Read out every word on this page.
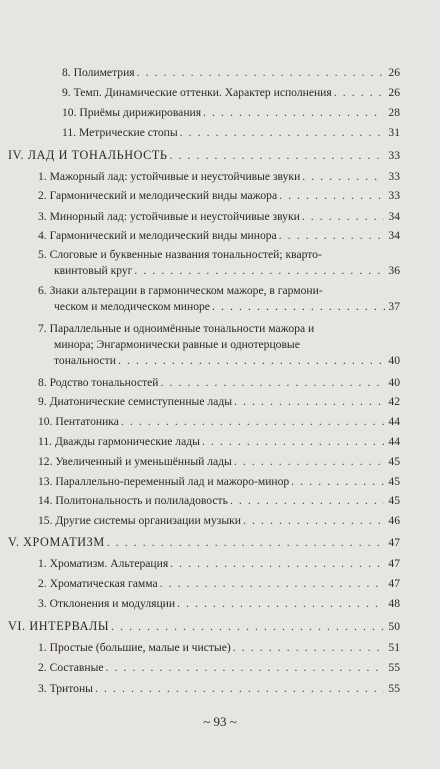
8. Полиметрия . . .	26
9. Темп. Динамические оттенки. Характер исполнения . . .	26
10. Приёмы дирижирования . . .	28
11. Метрические стопы . . .	31
IV. ЛАД И ТОНАЛЬНОСТЬ . . .	33
1. Мажорный лад: устойчивые и неустойчивые звуки . . .	33
2. Гармонический и мелодический виды мажора . . .	33
3. Минорный лад: устойчивые и неустойчивые звуки . . .	34
4. Гармонический и мелодический виды минора . . .	34
5. Слоговые и буквенные названия тональностей; кварто-
квинтовый круг . . .	36
6. Знаки альтерации в гармоническом мажоре, в гармони-
ческом и мелодическом миноре . . .	37
7. Параллельные и одноимённые тональности мажора и
минора; Энгармонически равные и однотерцовые
тональности . . .	40
8. Родство тональностей . . .	40
9. Диатонические семиступенные лады . . .	42
10. Пентатоника . . .	44
11. Дважды гармонические лады . . .	44
12. Увеличенный и уменьшённый лады . . .	45
13. Параллельно-переменный лад и мажоро-минор . . .	45
14. Политональность и полиладовость . . .	45
15. Другие системы организации музыки . . .	46
V. ХРОМАТИЗМ . . .	47
1. Хроматизм. Альтерация . . .	47
2. Хроматическая гамма . . .	47
3. Отклонения и модуляции . . .	48
VI. ИНТЕРВАЛЫ . . .	50
1. Простые (большие, малые и чистые) . . .	51
2. Составные . . .	55
3. Тритоны . . .	55
~ 93 ~
